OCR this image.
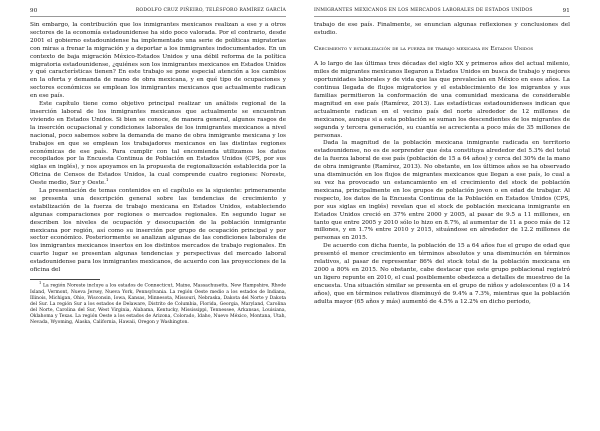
90	RODOLFO CRUZ PIÑEIRO, TELÉSFORO RAMÍREZ GARCÍA

Sin embargo, la contribución que los inmigrantes mexicanos realizan a ese y a otros sectores de la economía estadounidense ha sido poco valorada. Por el contrario, desde 2001 el gobierno estadounidense ha implementado una serie de políticas migratorias con miras a frenar la migración y a deportar a los inmigrantes indocumentados. En un contexto de baja migración México-Estados Unidos y una débil reforma de la política migratoria estadounidense, ¿quiénes son los inmigrantes mexicanos en Estados Unidos y qué características tienen? En este trabajo se pone especial atención a los cambios en la oferta y demanda de mano de obra mexicana, y en qué tipo de ocupaciones y sectores económicos se emplean los inmigrantes mexicanos que actualmente radican en ese país.

Este capítulo tiene como objetivo principal realizar un análisis regional de la inserción laboral de los inmigrantes mexicanos que actualmente se encuentran viviendo en Estados Unidos. Si bien se conoce, de manera general, algunos rasgos de la inserción ocupacional y condiciones laborales de los inmigrantes mexicanos a nivel nacional, poco sabemos sobre la demanda de mano de obra inmigrante mexicana y los trabajos en que se emplean los trabajadores mexicanos en las distintas regiones económicas de ese país. Para cumplir con tal encomienda utilizamos los datos recopilados por la Encuesta Continua de Población en Estados Unidos (CPS, por sus siglas en inglés), y nos apoyamos en la propuesta de regionalización establecida por la Oficina de Censos de Estados Unidos, la cual comprende cuatro regiones: Noreste, Oeste medio, Sur y Oeste.$^1$

La presentación de temas contenidos en el capítulo es la siguiente: primeramente se presenta una descripción general sobre las tendencias de crecimiento y estabilización de la fuerza de trabajo mexicana en Estados Unidos, estableciendo algunas comparaciones por regiones o mercados regionales. En segundo lugar se describen los niveles de ocupación y desocupación de la población inmigrante mexicana por región, así como su inserción por grupo de ocupación principal y por sector económico. Posteriormente se analizan algunas de las condiciones laborales de los inmigrantes mexicanos insertos en los distintos mercados de trabajo regionales. En cuarto lugar se presentan algunas tendencias y perspectivas del mercado laboral estadounidense para los inmigrantes mexicanos, de acuerdo con las proyecciones de la oficina del

$^1$ La región Noreste incluye a los estados de Connecticut, Maine, Massachusetts, New Hampshire, Rhode Island, Vermont, Nueva Jersey, Nueva York, Pennsylvania. La región Oeste medio a los estados de Indiana, Illinois, Michigan, Ohio, Wisconsin, Iowa, Kansas, Minnesota, Missouri, Nebraska, Dakota del Norte y Dakota del Sur. La región Sur a los estados de Delaware, Distrito de Columbia, Florida, Georgia, Maryland, Carolina del Norte, Carolina del Sur, West Virginia, Alabama, Kentucky, Mississippi, Tennessee, Arkansas, Louisiana, Oklahoma y Texas. La región Oeste a los estados de Arizona, Colorado, Idaho, Nuevo México, Montana, Utah, Nevada, Wyoming, Alaska, California, Hawaii, Oregon y Washington.

INMIGRANTES MEXICANOS EN LOS MERCADOS LABORALES DE ESTADOS UNIDOS	91

trabajo de ese país. Finalmente, se enuncian algunas reflexiones y conclusiones del estudio.

Crecimiento y estabilización de la fuerza de trabajo mexicana en Estados Unidos

A lo largo de las últimas tres décadas del siglo XX y primeros años del actual milenio, miles de migrantes mexicanos llegaron a Estados Unidos en busca de trabajo y mejores oportunidades laborales y de vida que las que prevalecían en México en esos años. La continua llegada de flujos migratorios y el establecimiento de los migrantes y sus familias permitieron la conformación de una comunidad mexicana de considerable magnitud en ese país (Ramírez, 2013). Las estadísticas estadounidenses indican que actualmente radican en el vecino país del norte alrededor de 12 millones de mexicanos, aunque si a esta población se suman los descendientes de los migrantes de segunda y tercera generación, su cuantía se acrecienta a poco más de 35 millones de personas.

Dada la magnitud de la población mexicana inmigrante radicada en territorio estadounidense, no es de sorprender que ésta constituya alrededor del 5.3% del total de la fuerza laboral de ese país (población de 15 a 64 años) y cerca del 30% de la mano de obra inmigrante (Ramírez, 2013). No obstante, en los últimos años se ha observado una disminución en los flujos de migrantes mexicanos que llegan a ese país, lo cual a su vez ha provocado un estancamiento en el crecimiento del stock de población mexicana, principalmente en los grupos de población joven o en edad de trabajar. Al respecto, los datos de la Encuesta Continua de la Población en Estados Unidos (CPS, por sus siglas en inglés) revelan que el stock de población mexicana inmigrante en Estados Unidos creció en 37% entre 2000 y 2005, al pasar de 9.5 a 11 millones, en tanto que entre 2005 y 2010 sólo lo hizo en 8.7%, al aumentar de 11 a poco más de 12 millones, y en 1.7% entre 2010 y 2015, situándose en alrededor de 12.2 millones de personas en 2015.

De acuerdo con dicha fuente, la población de 15 a 64 años fue el grupo de edad que presentó el menor crecimiento en términos absolutos y una disminución en términos relativos, al pasar de representar 86% del stock total de la población mexicana en 2000 a 80% en 2015. No obstante, cabe destacar que este grupo poblacional registró un ligero repunte en 2010, el cual posiblemente obedezca a detalles de muestreo de la encuesta. Una situación similar se presenta en el grupo de niños y adolescentes (0 a 14 años), que en términos relativos disminuyó de 9.4% a 7.3%, mientras que la población adulta mayor (65 años y más) aumentó de 4.5% a 12.2% en dicho periodo,
